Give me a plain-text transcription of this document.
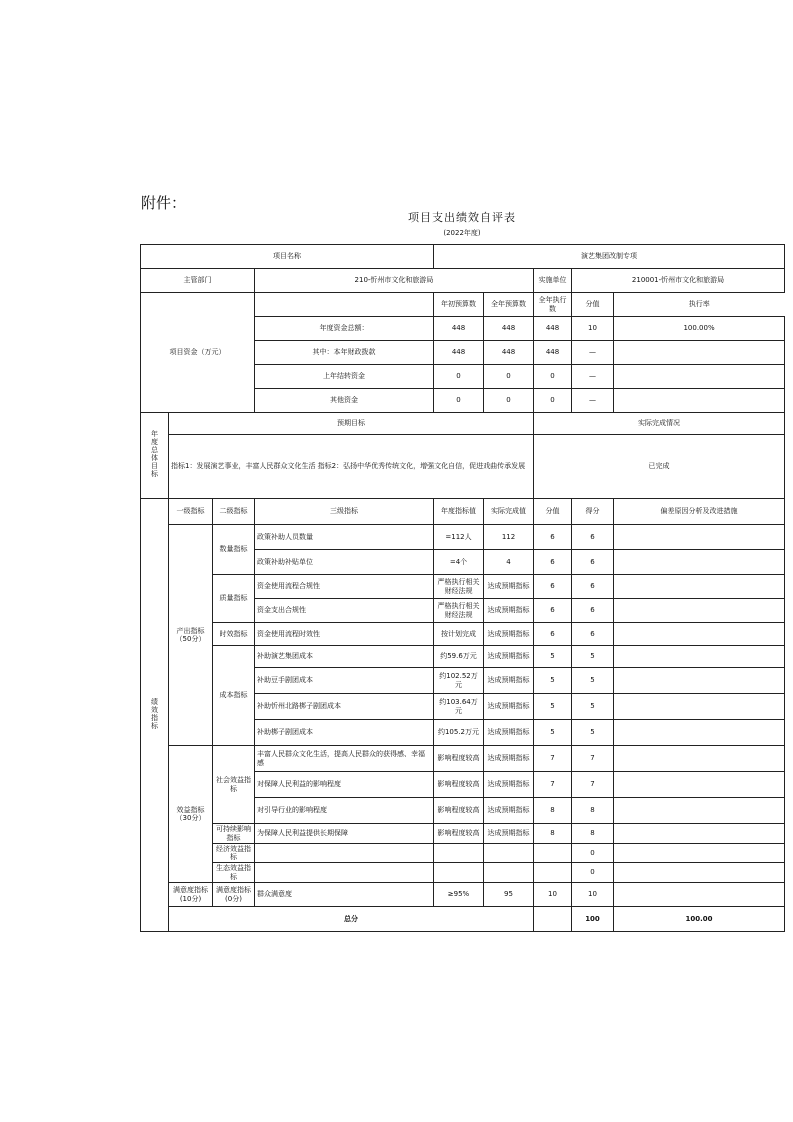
附件：
项目支出绩效自评表
(2022年度)
项目名称				演艺集团改制专项					
主管部门			210-忻州市文化和旅游局			实施单位	210001-忻州市文化和旅游局		
项目资金（万元）				年初预算数	全年预算数	全年执行数	分值	执行率	
			年度资金总额：	448	448	448	10	100.00%	
			其中：本年财政拨款	448	448	448	—		
			上年结转资金	0	0	0	—		
			其他资金	0	0	0	—		
年度总体目标	预期目标					实际完成情况			
	指标1：发展演艺事业，丰富人民群众文化生活 指标2：弘扬中华优秀传统文化，增强文化自信，促进戏曲传承发展					已完成			
绩效指标	一级指标	二级指标	三级指标	年度指标值	实际完成值	分值	得分	偏差原因分析及改进措施	
	产出指标（50分）	数量指标	政策补助人员数量	=112人	112	6	6		
			政策补助补贴单位	=4个	4	6	6		
		质量指标	资金使用流程合规性	严格执行相关财经法规	达成预期指标	6	6		
			资金支出合规性	严格执行相关财经法规	达成预期指标	6	6		
		时效指标	资金使用流程时效性	按计划完成	达成预期指标	6	6		
		成本指标	补助演艺集团成本	约59.6万元	达成预期指标	5	5		
			补助豆手剧团成本	约102.52万元	达成预期指标	5	5		
			补助忻州北路梆子剧团成本	约103.64万元	达成预期指标	5	5		
			补助梆子剧团成本	约105.2万元	达成预期指标	5	5		
	效益指标（30分）	社会效益指标	丰富人民群众文化生活，提高人民群众的获得感、幸福感	影响程度较高	达成预期指标	7	7		
			对保障人民利益的影响程度	影响程度较高	达成预期指标	7	7		
			对引导行业的影响程度	影响程度较高	达成预期指标	8	8		
		可持续影响指标	为保障人民利益提供长期保障	影响程度较高	达成预期指标	8	8		
		经济效益指标					0		
		生态效益指标					0		
	满意度指标(10分)	满意度指标(0分)	群众满意度	≥95%	95	10	10		
	总分						100	100.00	
